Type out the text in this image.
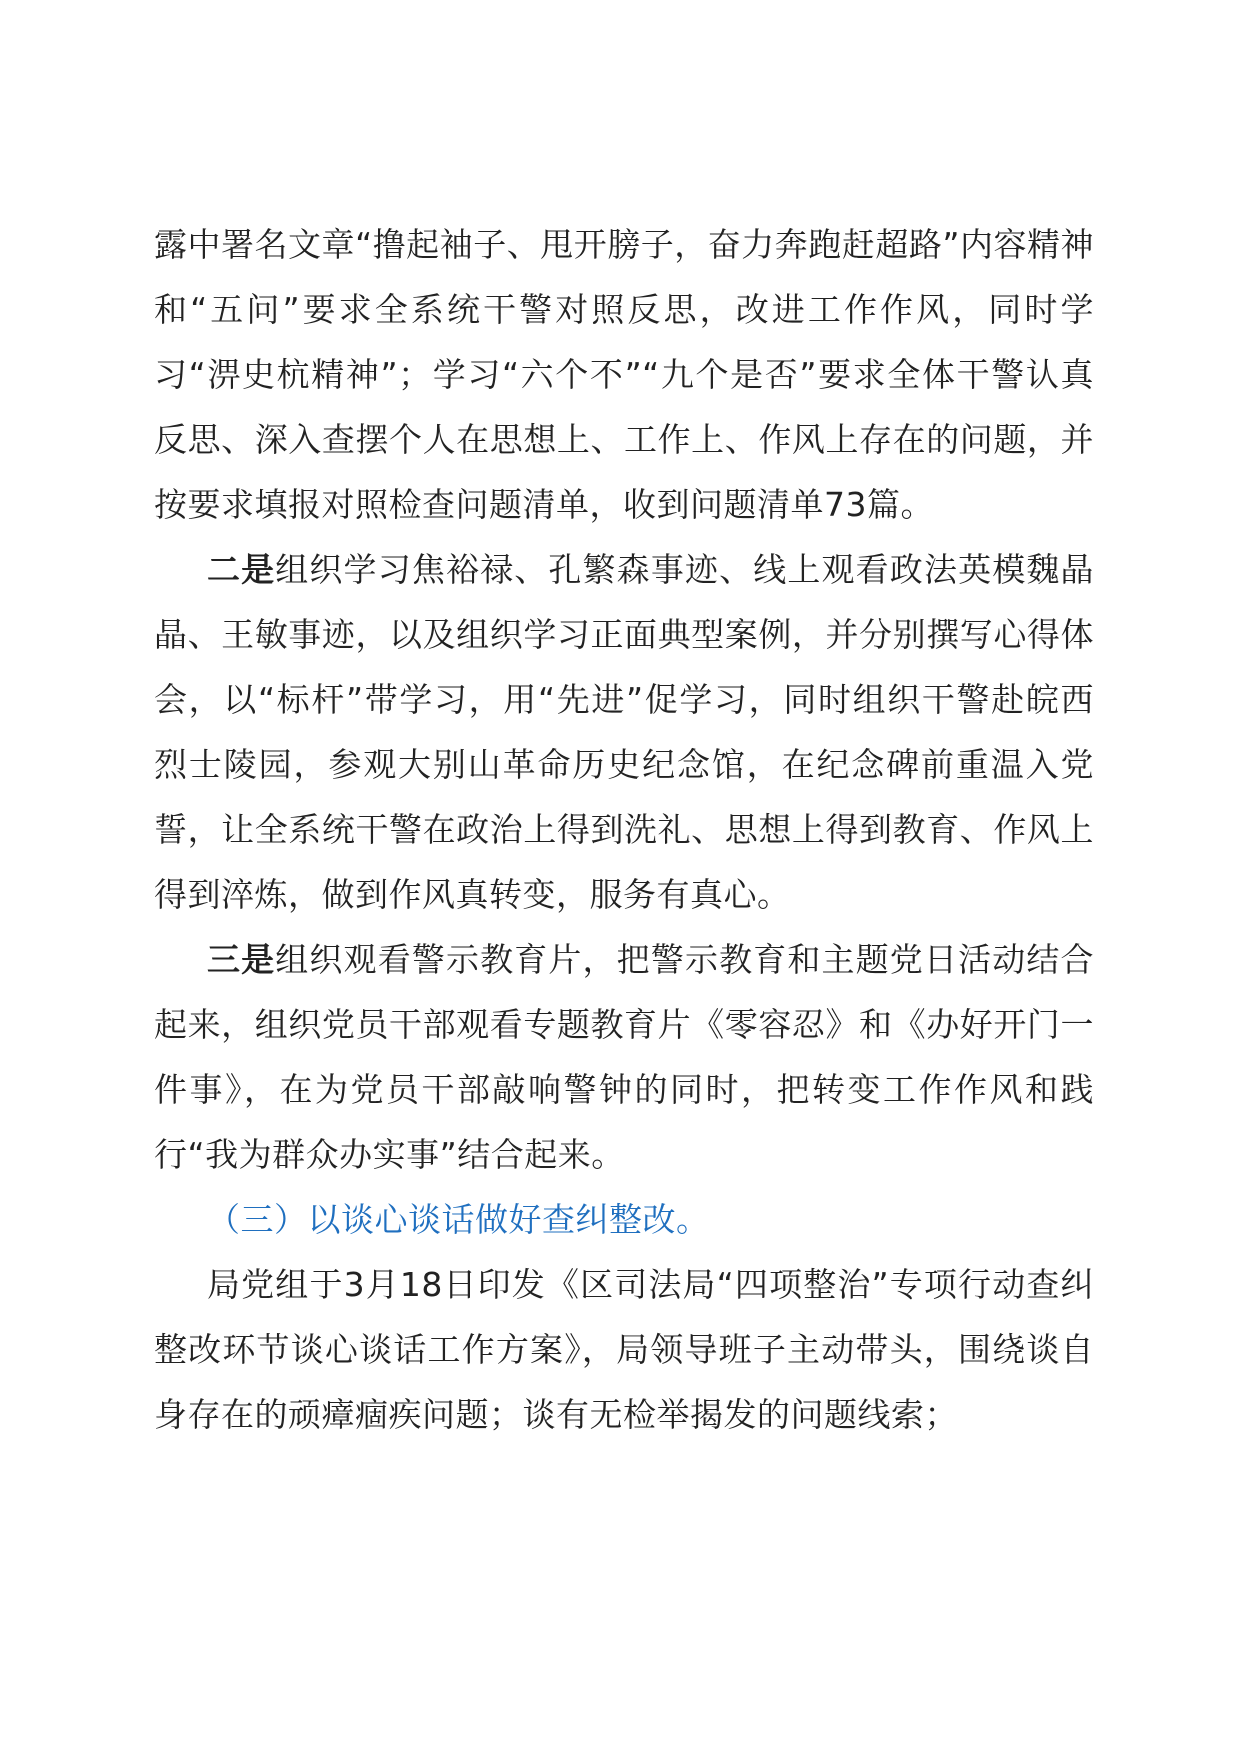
露中署名文章“撸起袖子、甩开膀子，奋力奔跑赶超路”内容精神和“五问”要求全系统干警对照反思，改进工作作风，同时学习“淠史杭精神”；学习“六个不”“九个是否”要求全体干警认真反思、深入查摆个人在思想上、工作上、作风上存在的问题，并按要求填报对照检查问题清单，收到问题清单73篇。

二是组织学习焦裕禄、孔繁森事迹、线上观看政法英模魏晶晶、王敏事迹，以及组织学习正面典型案例，并分别撰写心得体会，以“标杆”带学习，用“先进”促学习，同时组织干警赴皖西烈士陵园，参观大别山革命历史纪念馆，在纪念碑前重温入党誓，让全系统干警在政治上得到洗礼、思想上得到教育、作风上得到淬炼，做到作风真转变，服务有真心。

三是组织观看警示教育片，把警示教育和主题党日活动结合起来，组织党员干部观看专题教育片《零容忍》和《办好开门一件事》，在为党员干部敲响警钟的同时，把转变工作作风和践行“我为群众办实事”结合起来。

（三）以谈心谈话做好查纠整改。

局党组于3月18日印发《区司法局“四项整治”专项行动查纠整改环节谈心谈话工作方案》，局领导班子主动带头，围绕谈自身存在的顽瘴痼疾问题；谈有无检举揭发的问题线索；
